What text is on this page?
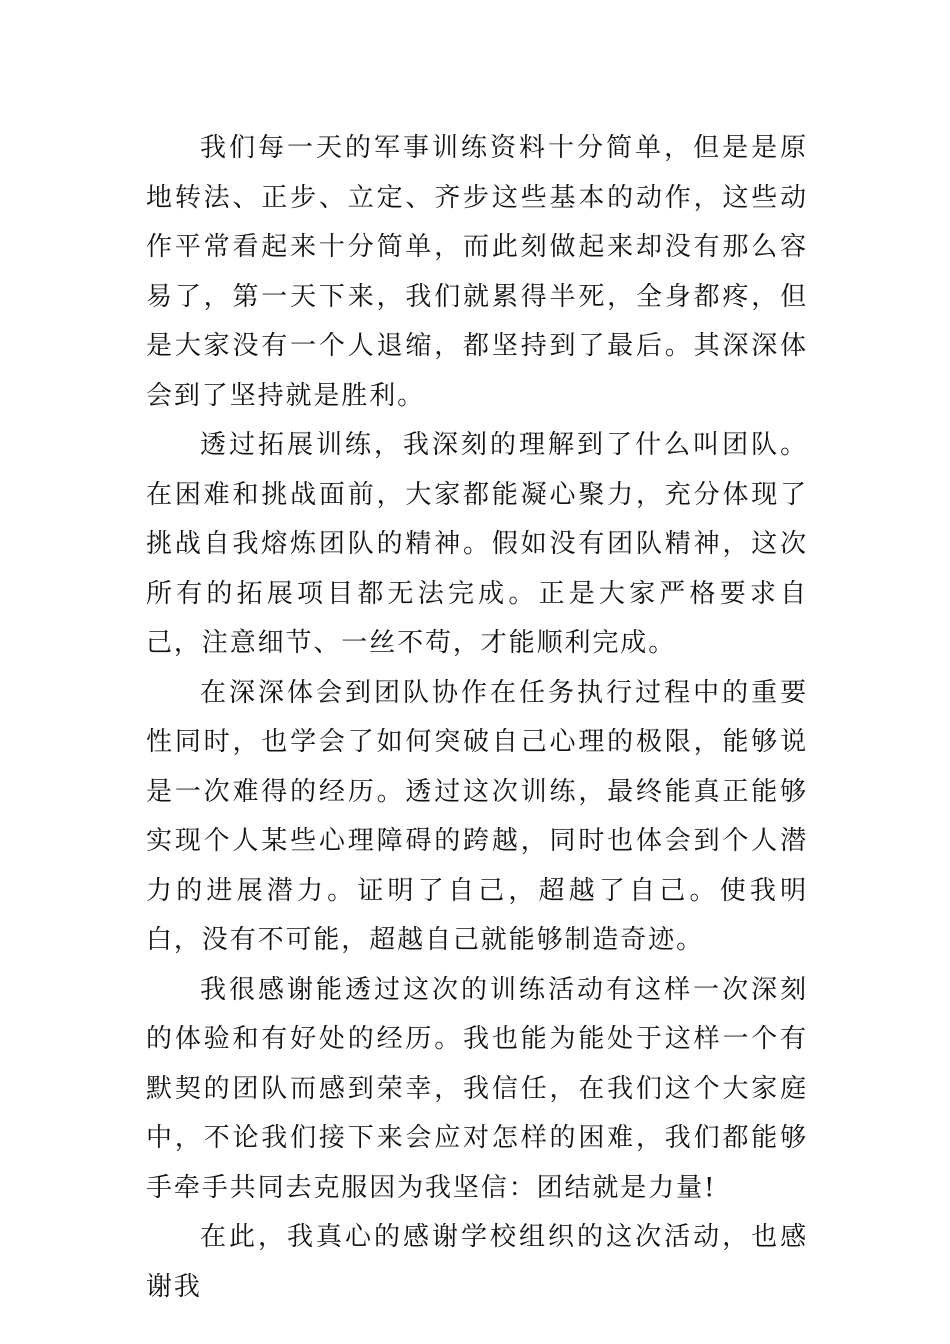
我们每一天的军事训练资料十分简单，但是是原地转法、正步、立定、齐步这些基本的动作，这些动作平常看起来十分简单，而此刻做起来却没有那么容易了，第一天下来，我们就累得半死，全身都疼，但是大家没有一个人退缩，都坚持到了最后。其深深体会到了坚持就是胜利。

透过拓展训练，我深刻的理解到了什么叫团队。在困难和挑战面前，大家都能凝心聚力，充分体现了挑战自我熔炼团队的精神。假如没有团队精神，这次所有的拓展项目都无法完成。正是大家严格要求自己，注意细节、一丝不苟，才能顺利完成。

在深深体会到团队协作在任务执行过程中的重要性同时，也学会了如何突破自己心理的极限，能够说是一次难得的经历。透过这次训练，最终能真正能够实现个人某些心理障碍的跨越，同时也体会到个人潜力的进展潜力。证明了自己，超越了自己。使我明白，没有不可能，超越自己就能够制造奇迹。

我很感谢能透过这次的训练活动有这样一次深刻的体验和有好处的经历。我也能为能处于这样一个有默契的团队而感到荣幸，我信任，在我们这个大家庭中，不论我们接下来会应对怎样的困难，我们都能够手牵手共同去克服因为我坚信：团结就是力量!

在此，我真心的感谢学校组织的这次活动，也感谢我
